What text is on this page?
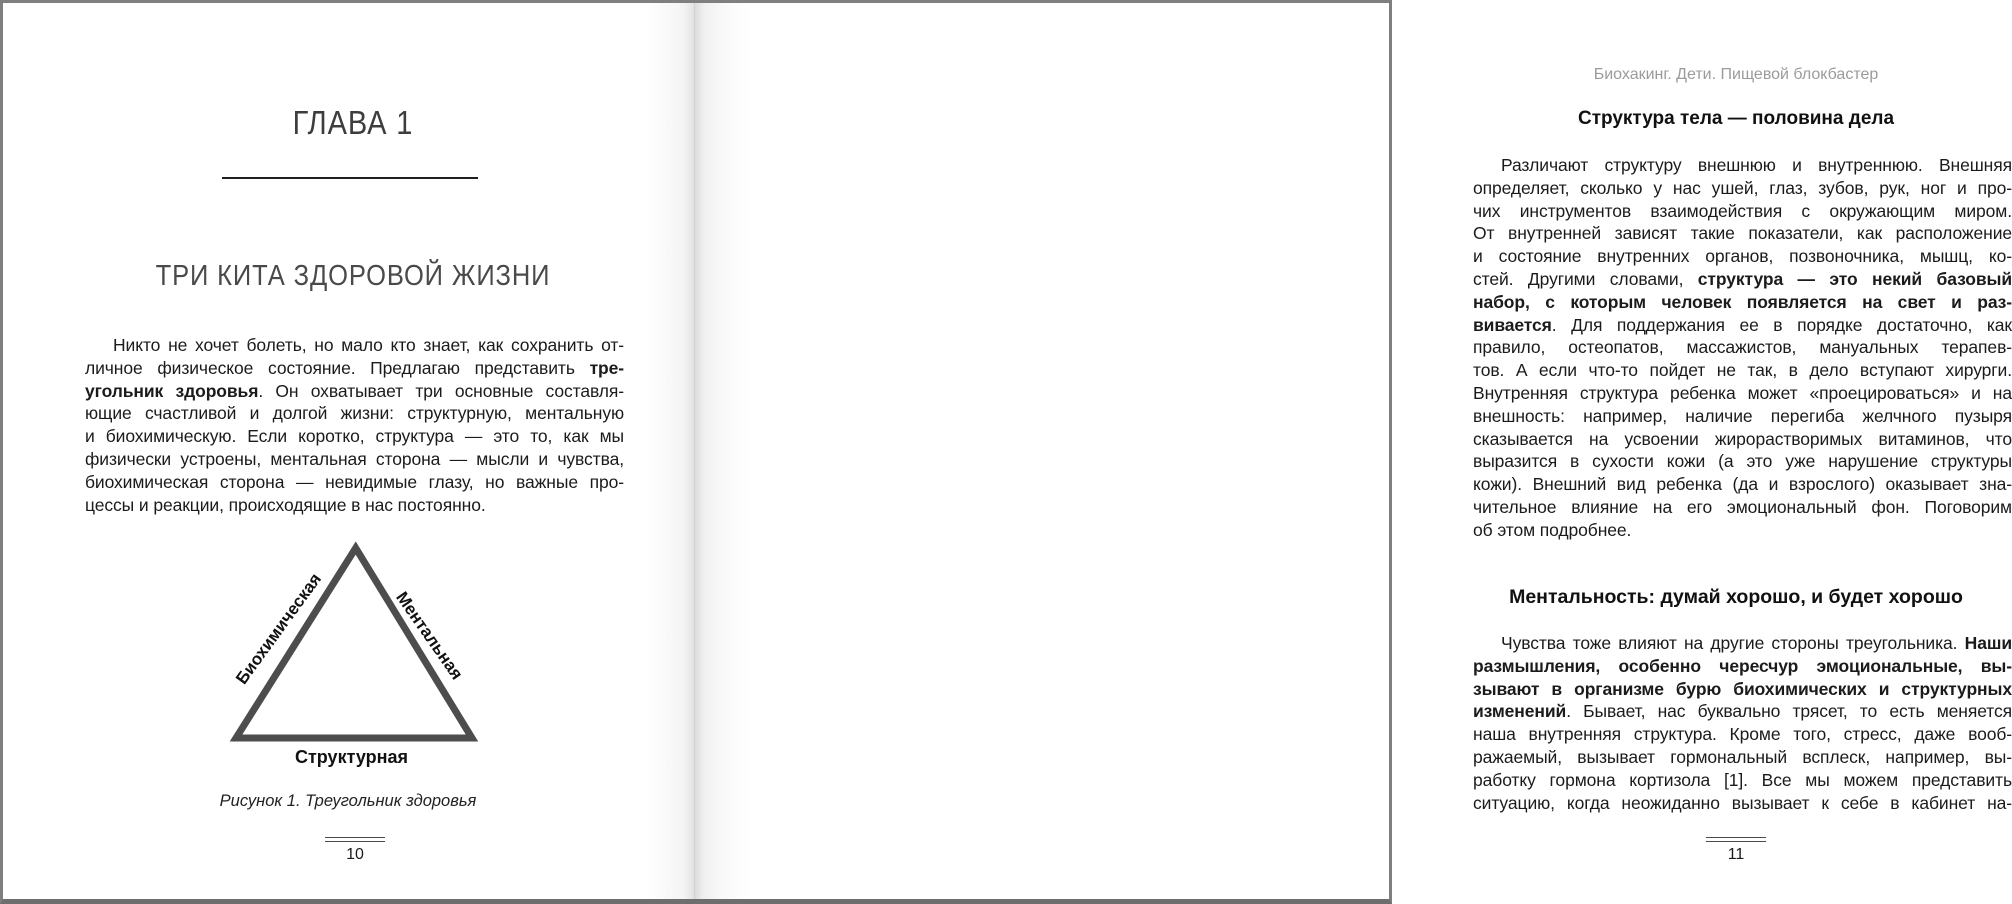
ГЛАВА 1
ТРИ КИТА ЗДОРОВОЙ ЖИЗНИ
Никто не хочет болеть, но мало кто знает, как сохранить от-
личное физическое состояние. Предлагаю представить тре-
угольник здоровья. Он охватывает три основные составля-
ющие счастливой и долгой жизни: структурную, ментальную
и биохимическую. Если коротко, структура — это то, как мы
физически устроены, ментальная сторона — мысли и чувства,
биохимическая сторона — невидимые глазу, но важные про-
цессы и реакции, происходящие в нас постоянно.
Биохимическая	Ментальная
Структурная
Рисунок 1. Треугольник здоровья
10
Биохакинг. Дети. Пищевой блокбастер
Структура тела — половина дела
Различают структуру внешнюю и внутреннюю. Внешняя
определяет, сколько у нас ушей, глаз, зубов, рук, ног и про-
чих инструментов взаимодействия с окружающим миром.
От внутренней зависят такие показатели, как расположение
и состояние внутренних органов, позвоночника, мышц, ко-
стей. Другими словами, структура — это некий базовый
набор, с которым человек появляется на свет и раз-
вивается. Для поддержания ее в порядке достаточно, как
правило, остеопатов, массажистов, мануальных терапев-
тов. А если что-то пойдет не так, в дело вступают хирурги.
Внутренняя структура ребенка может «проецироваться» и на
внешность: например, наличие перегиба желчного пузыря
сказывается на усвоении жирорастворимых витаминов, что
выразится в сухости кожи (а это уже нарушение структуры
кожи). Внешний вид ребенка (да и взрослого) оказывает зна-
чительное влияние на его эмоциональный фон. Поговорим
об этом подробнее.
Ментальность: думай хорошо, и будет хорошо
Чувства тоже влияют на другие стороны треугольника. Наши
размышления, особенно чересчур эмоциональные, вы-
зывают в организме бурю биохимических и структурных
изменений. Бывает, нас буквально трясет, то есть меняется
наша внутренняя структура. Кроме того, стресс, даже вооб-
ражаемый, вызывает гормональный всплеск, например, вы-
работку гормона кортизола [1]. Все мы можем представить
ситуацию, когда неожиданно вызывает к себе в кабинет на-
11
